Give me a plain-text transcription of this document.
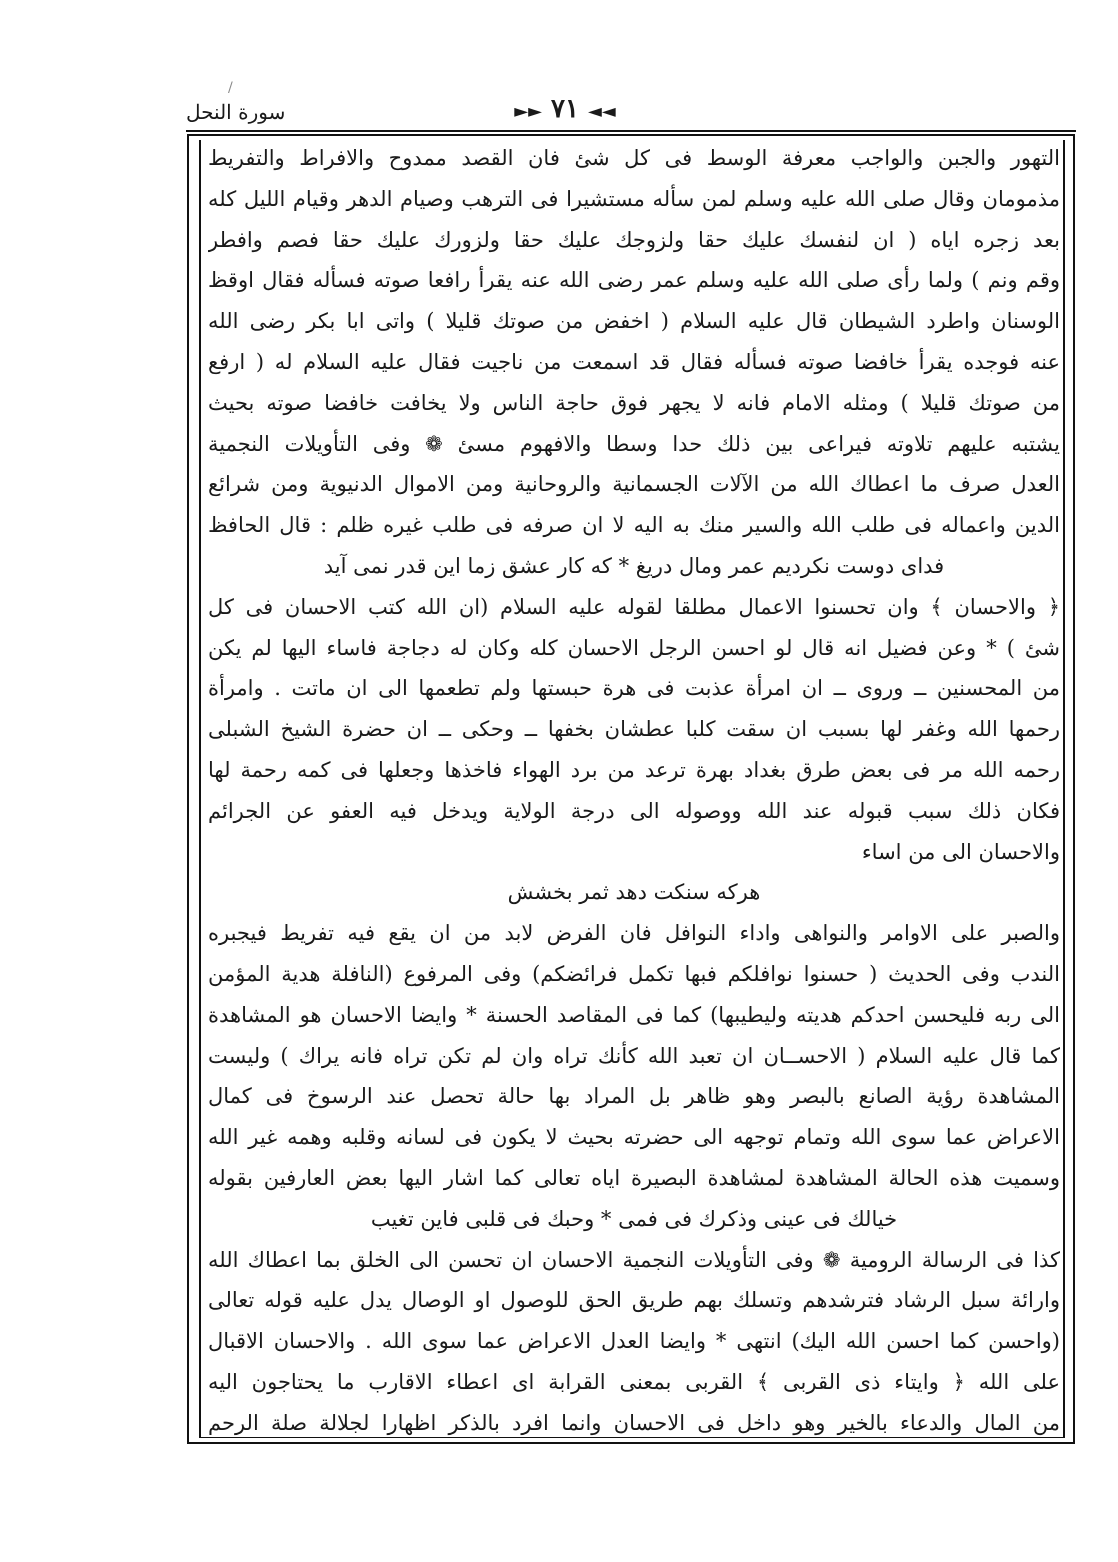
/
سورة النحل	◄◄ ٧١ ►►
التهور والجبن والواجب معرفة الوسط فى كل شئ فان القصد ممدوح والافراط والتفريط
مذمومان وقال صلى الله عليه وسلم لمن سأله مستشيرا فى الترهب وصيام الدهر وقيام الليل كله
بعد زجره اياه ( ان لنفسك عليك حقا ولزوجك عليك حقا ولزورك عليك حقا فصم وافطر
وقم ونم ) ولما رأى صلى الله عليه وسلم عمر رضى الله عنه يقرأ رافعا صوته فسأله فقال اوقظ
الوسنان واطرد الشيطان قال عليه السلام ( اخفض من صوتك قليلا ) واتى ابا بكر رضى الله
عنه فوجده يقرأ خافضا صوته فسأله فقال قد اسمعت من ناجيت فقال عليه السلام له ( ارفع
من صوتك قليلا ) ومثله الامام فانه لا يجهر فوق حاجة الناس ولا يخافت خافضا صوته بحيث
يشتبه عليهم تلاوته فيراعى بين ذلك حدا وسطا والافهوم مسئ ❁ وفى التأويلات النجمية
العدل صرف ما اعطاك الله من الآلات الجسمانية والروحانية ومن الاموال الدنيوية ومن شرائع
الدين واعماله فى طلب الله والسير منك به اليه لا ان صرفه فى طلب غيره ظلم : قال الحافظ
فداى دوست نكرديم عمر ومال دريغ * كه كار عشق زما اين قدر نمى آيد
﴿ والاحسان ﴾ وان تحسنوا الاعمال مطلقا لقوله عليه السلام (ان الله كتب الاحسان فى كل
شئ ) * وعن فضيل انه قال لو احسن الرجل الاحسان كله وكان له دجاجة فاساء اليها لم يكن
من المحسنين ــ وروى ــ ان امرأة عذبت فى هرة حبستها ولم تطعمها الى ان ماتت . وامرأة
رحمها الله وغفر لها بسبب ان سقت كلبا عطشان بخفها ــ وحكى ــ ان حضرة الشيخ الشبلى
رحمه الله مر فى بعض طرق بغداد بهرة ترعد من برد الهواء فاخذها وجعلها فى كمه رحمة لها
فكان ذلك سبب قبوله عند الله ووصوله الى درجة الولاية ويدخل فيه العفو عن الجرائم
والاحسان الى من اساء
هركه سنكت دهد ثمر بخشش
والصبر على الاوامر والنواهى واداء النوافل فان الفرض لابد من ان يقع فيه تفريط فيجبره
الندب وفى الحديث ( حسنوا نوافلكم فبها تكمل فرائضكم) وفى المرفوع (النافلة هدية المؤمن
الى ربه فليحسن احدكم هديته وليطيبها) كما فى المقاصد الحسنة * وايضا الاحسان هو المشاهدة
كما قال عليه السلام ( الاحســان ان تعبد الله كأنك تراه وان لم تكن تراه فانه يراك ) وليست
المشاهدة رؤية الصانع بالبصر وهو ظاهر بل المراد بها حالة تحصل عند الرسوخ فى كمال
الاعراض عما سوى الله وتمام توجهه الى حضرته بحيث لا يكون فى لسانه وقلبه وهمه غير الله
وسميت هذه الحالة المشاهدة لمشاهدة البصيرة اياه تعالى كما اشار اليها بعض العارفين بقوله
خيالك فى عينى وذكرك فى فمى * وحبك فى قلبى فاين تغيب
كذا فى الرسالة الرومية ❁ وفى التأويلات النجمية الاحسان ان تحسن الى الخلق بما اعطاك الله
وارائة سبل الرشاد فترشدهم وتسلك بهم طريق الحق للوصول او الوصال يدل عليه قوله تعالى
(واحسن كما احسن الله اليك) انتهى * وايضا العدل الاعراض عما سوى الله . والاحسان الاقبال
على الله ﴿ وايتاء ذى القربى ﴾ القربى بمعنى القرابة اى اعطاء الاقارب ما يحتاجون اليه
من المال والدعاء بالخير وهو داخل فى الاحسان وانما افرد بالذكر اظهارا لجلالة صلة الرحم
